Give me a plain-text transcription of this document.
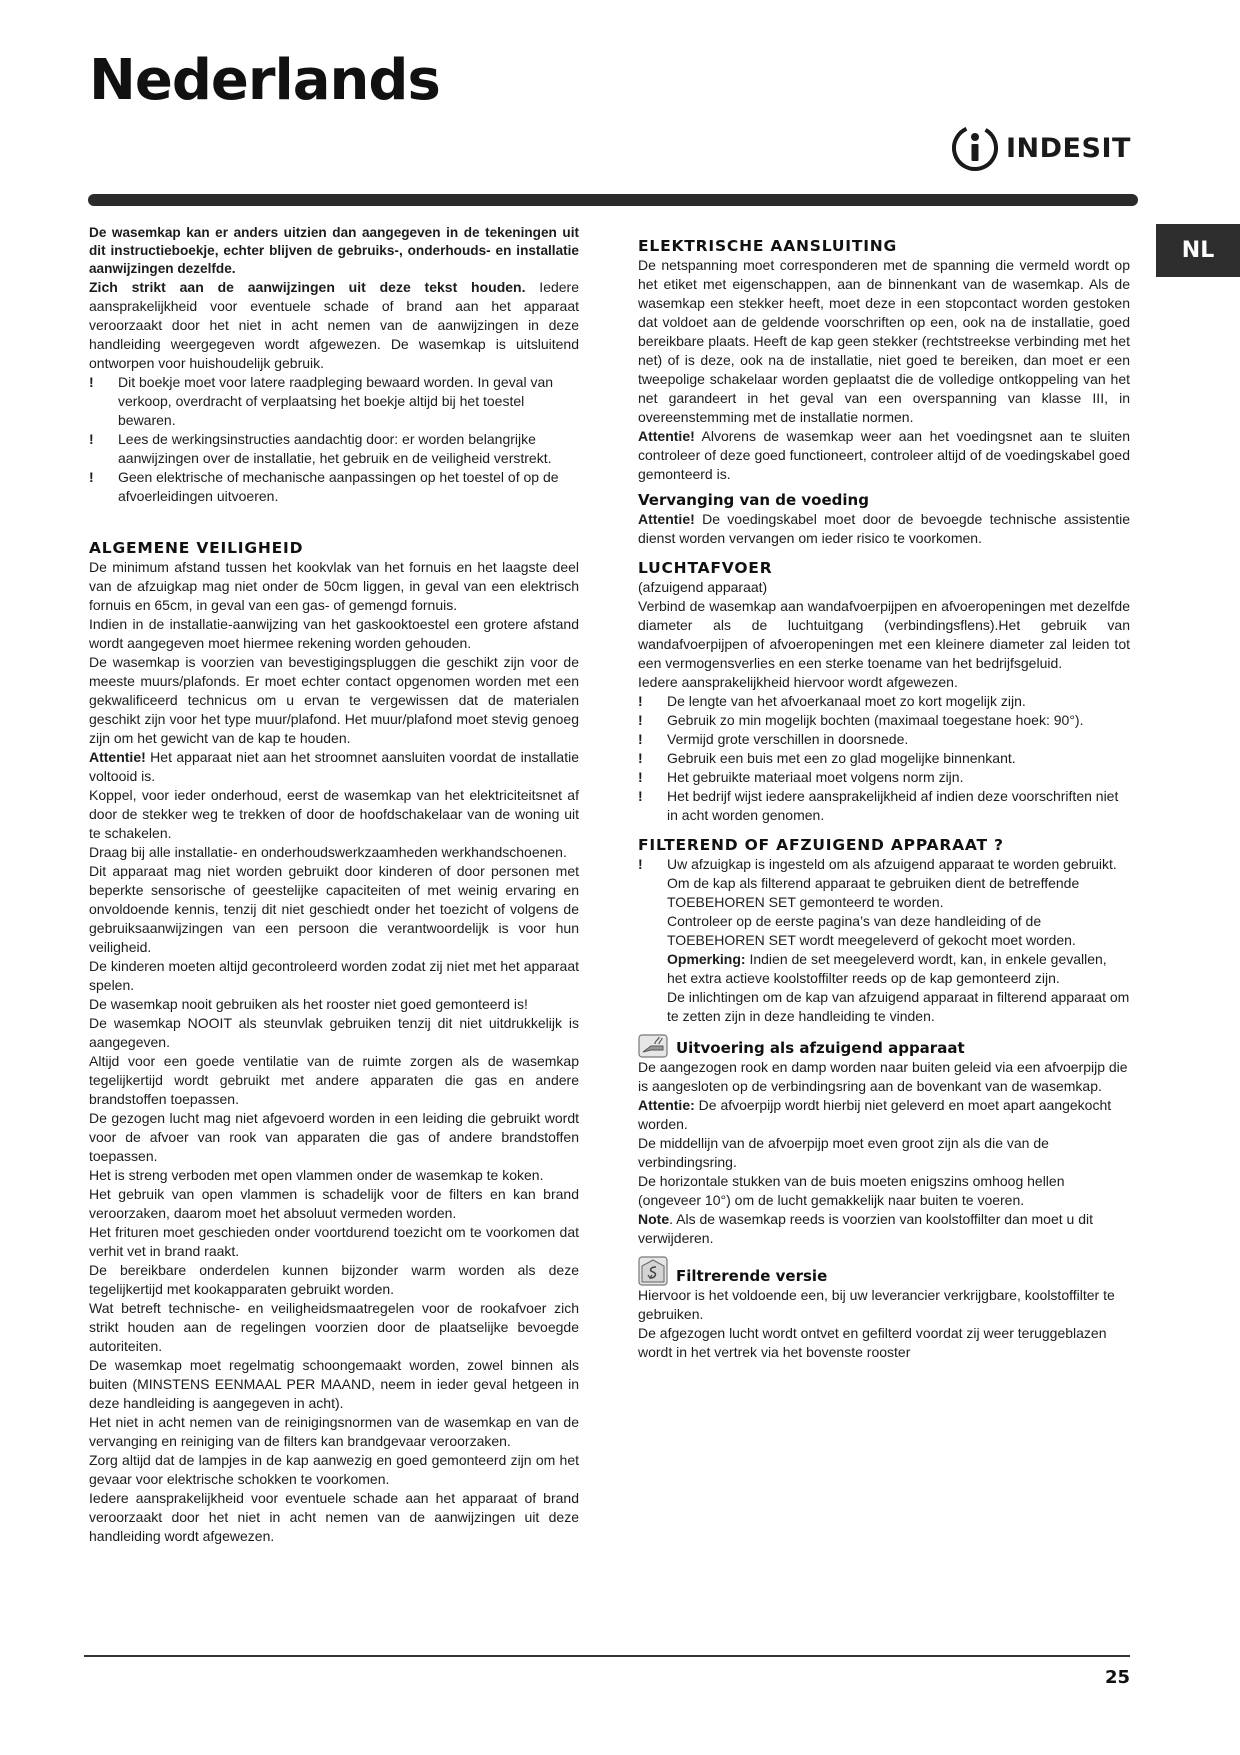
Nederlands
INDESIT
NL

De wasemkap kan er anders uitzien dan aangegeven in de tekeningen uit dit instructieboekje, echter blijven de gebruiks-, onderhouds- en installatie aanwijzingen dezelfde.

Zich strikt aan de aanwijzingen uit deze tekst houden. Iedere aansprakelijkheid voor eventuele schade of brand aan het apparaat veroorzaakt door het niet in acht nemen van de aanwijzingen in deze handleiding weergegeven wordt afgewezen. De wasemkap is uitsluitend ontworpen voor huishoudelijk gebruik.

! Dit boekje moet voor latere raadpleging bewaard worden. In geval van verkoop, overdracht of verplaatsing het boekje altijd bij het toestel bewaren.
! Lees de werkingsinstructies aandachtig door: er worden belangrijke aanwijzingen over de installatie, het gebruik en de veiligheid verstrekt.
! Geen elektrische of mechanische aanpassingen op het toestel of op de afvoerleidingen uitvoeren.
ALGEMENE VEILIGHEID

De minimum afstand tussen het kookvlak van het fornuis en het laagste deel van de afzuigkap mag niet onder de 50cm liggen, in geval van een elektrisch fornuis en 65cm, in geval van een gas- of gemengd fornuis.

Indien in de installatie-aanwijzing van het gaskooktoestel een grotere afstand wordt aangegeven moet hiermee rekening worden gehouden.

De wasemkap is voorzien van bevestigingspluggen die geschikt zijn voor de meeste muurs/plafonds. Er moet echter contact opgenomen worden met een gekwalificeerd technicus om u ervan te vergewissen dat de materialen geschikt zijn voor het type muur/plafond. Het muur/plafond moet stevig genoeg zijn om het gewicht van de kap te houden.

Attentie! Het apparaat niet aan het stroomnet aansluiten voordat de installatie voltooid is.

Koppel, voor ieder onderhoud, eerst de wasemkap van het elektriciteitsnet af door de stekker weg te trekken of door de hoofdschakelaar van de woning uit te schakelen.

Draag bij alle installatie- en onderhoudswerkzaamheden werkhandschoenen.

Dit apparaat mag niet worden gebruikt door kinderen of door personen met beperkte sensorische of geestelijke capaciteiten of met weinig ervaring en onvoldoende kennis, tenzij dit niet geschiedt onder het toezicht of volgens de gebruiksaanwijzingen van een persoon die verantwoordelijk is voor hun veiligheid.

De kinderen moeten altijd gecontroleerd worden zodat zij niet met het apparaat spelen.

De wasemkap nooit gebruiken als het rooster niet goed gemonteerd is!

De wasemkap NOOIT als steunvlak gebruiken tenzij dit niet uitdrukkelijk is aangegeven.

Altijd voor een goede ventilatie van de ruimte zorgen als de wasemkap tegelijkertijd wordt gebruikt met andere apparaten die gas en andere brandstoffen toepassen.

De gezogen lucht mag niet afgevoerd worden in een leiding die gebruikt wordt voor de afvoer van rook van apparaten die gas of andere brandstoffen toepassen.

Het is streng verboden met open vlammen onder de wasemkap te koken.

Het gebruik van open vlammen is schadelijk voor de filters en kan brand veroorzaken, daarom moet het absoluut vermeden worden.

Het frituren moet geschieden onder voortdurend toezicht om te voorkomen dat verhit vet in brand raakt.

De bereikbare onderdelen kunnen bijzonder warm worden als deze tegelijkertijd met kookapparaten gebruikt worden.

Wat betreft technische- en veiligheidsmaatregelen voor de rookafvoer zich strikt houden aan de regelingen voorzien door de plaatselijke bevoegde autoriteiten.

De wasemkap moet regelmatig schoongemaakt worden, zowel binnen als buiten (MINSTENS EENMAAL PER MAAND, neem in ieder geval hetgeen in deze handleiding is aangegeven in acht).

Het niet in acht nemen van de reinigingsnormen van de wasemkap en van de vervanging en reiniging van de filters kan brandgevaar veroorzaken.

Zorg altijd dat de lampjes in de kap aanwezig en goed gemonteerd zijn om het gevaar voor elektrische schokken te voorkomen.

Iedere aansprakelijkheid voor eventuele schade aan het apparaat of brand veroorzaakt door het niet in acht nemen van de aanwijzingen uit deze handleiding wordt afgewezen.

ELEKTRISCHE AANSLUITING

De netspanning moet corresponderen met de spanning die vermeld wordt op het etiket met eigenschappen, aan de binnenkant van de wasemkap. Als de wasemkap een stekker heeft, moet deze in een stopcontact worden gestoken dat voldoet aan de geldende voorschriften op een, ook na de installatie, goed bereikbare plaats. Heeft de kap geen stekker (rechtstreekse verbinding met het net) of is deze, ook na de installatie, niet goed te bereiken, dan moet er een tweepolige schakelaar worden geplaatst die de volledige ontkoppeling van het net garandeert in het geval van een overspanning van klasse III, in overeenstemming met de installatie normen.

Attentie! Alvorens de wasemkap weer aan het voedingsnet aan te sluiten controleer of deze goed functioneert, controleer altijd of de voedingskabel goed gemonteerd is.

Vervanging van de voeding

Attentie! De voedingskabel moet door de bevoegde technische assistentie dienst worden vervangen om ieder risico te voorkomen.

LUCHTAFVOER

(afzuigend apparaat)

Verbind de wasemkap aan wandafvoerpijpen en afvoeropeningen met dezelfde diameter als de luchtuitgang (verbindingsflens).Het gebruik van wandafvoerpijpen of afvoeropeningen met een kleinere diameter zal leiden tot een vermogensverlies en een sterke toename van het bedrijfsgeluid.

Iedere aansprakelijkheid hiervoor wordt afgewezen.

! De lengte van het afvoerkanaal moet zo kort mogelijk zijn.
! Gebruik zo min mogelijk bochten (maximaal toegestane hoek: 90°).
! Vermijd grote verschillen in doorsnede.
! Gebruik een buis met een zo glad mogelijke binnenkant.
! Het gebruikte materiaal moet volgens norm zijn.
! Het bedrijf wijst iedere aansprakelijkheid af indien deze voorschriften niet in acht worden genomen.
FILTEREND OF AFZUIGEND APPARAAT ?
! Uw afzuigkap is ingesteld om als afzuigend apparaat te worden gebruikt.

Om de kap als filterend apparaat te gebruiken dient de betreffende TOEBEHOREN SET gemonteerd te worden.

Controleer op de eerste pagina’s van deze handleiding of de TOEBEHOREN SET wordt meegeleverd of gekocht moet worden.

Opmerking: Indien de set meegeleverd wordt, kan, in enkele gevallen, het extra actieve koolstoffilter reeds op de kap gemonteerd zijn.

De inlichtingen om de kap van afzuigend apparaat in filterend apparaat om te zetten zijn in deze handleiding te vinden.

Uitvoering als afzuigend apparaat

De aangezogen rook en damp worden naar buiten geleid via een afvoerpijp die is aangesloten op de verbindingsring aan de bovenkant van de wasemkap.

Attentie: De afvoerpijp wordt hierbij niet geleverd en moet apart aangekocht worden.

De middellijn van de afvoerpijp moet even groot zijn als die van de verbindingsring.

De horizontale stukken van de buis moeten enigszins omhoog hellen (ongeveer 10°) om de lucht gemakkelijk naar buiten te voeren.

Note. Als de wasemkap reeds is voorzien van koolstoffilter dan moet u dit verwijderen.

Filtrerende versie

Hiervoor is het voldoende een, bij uw leverancier verkrijgbare, koolstoffilter te gebruiken.

De afgezogen lucht wordt ontvet en gefilterd voordat zij weer teruggeblazen wordt in het vertrek via het bovenste rooster

25
